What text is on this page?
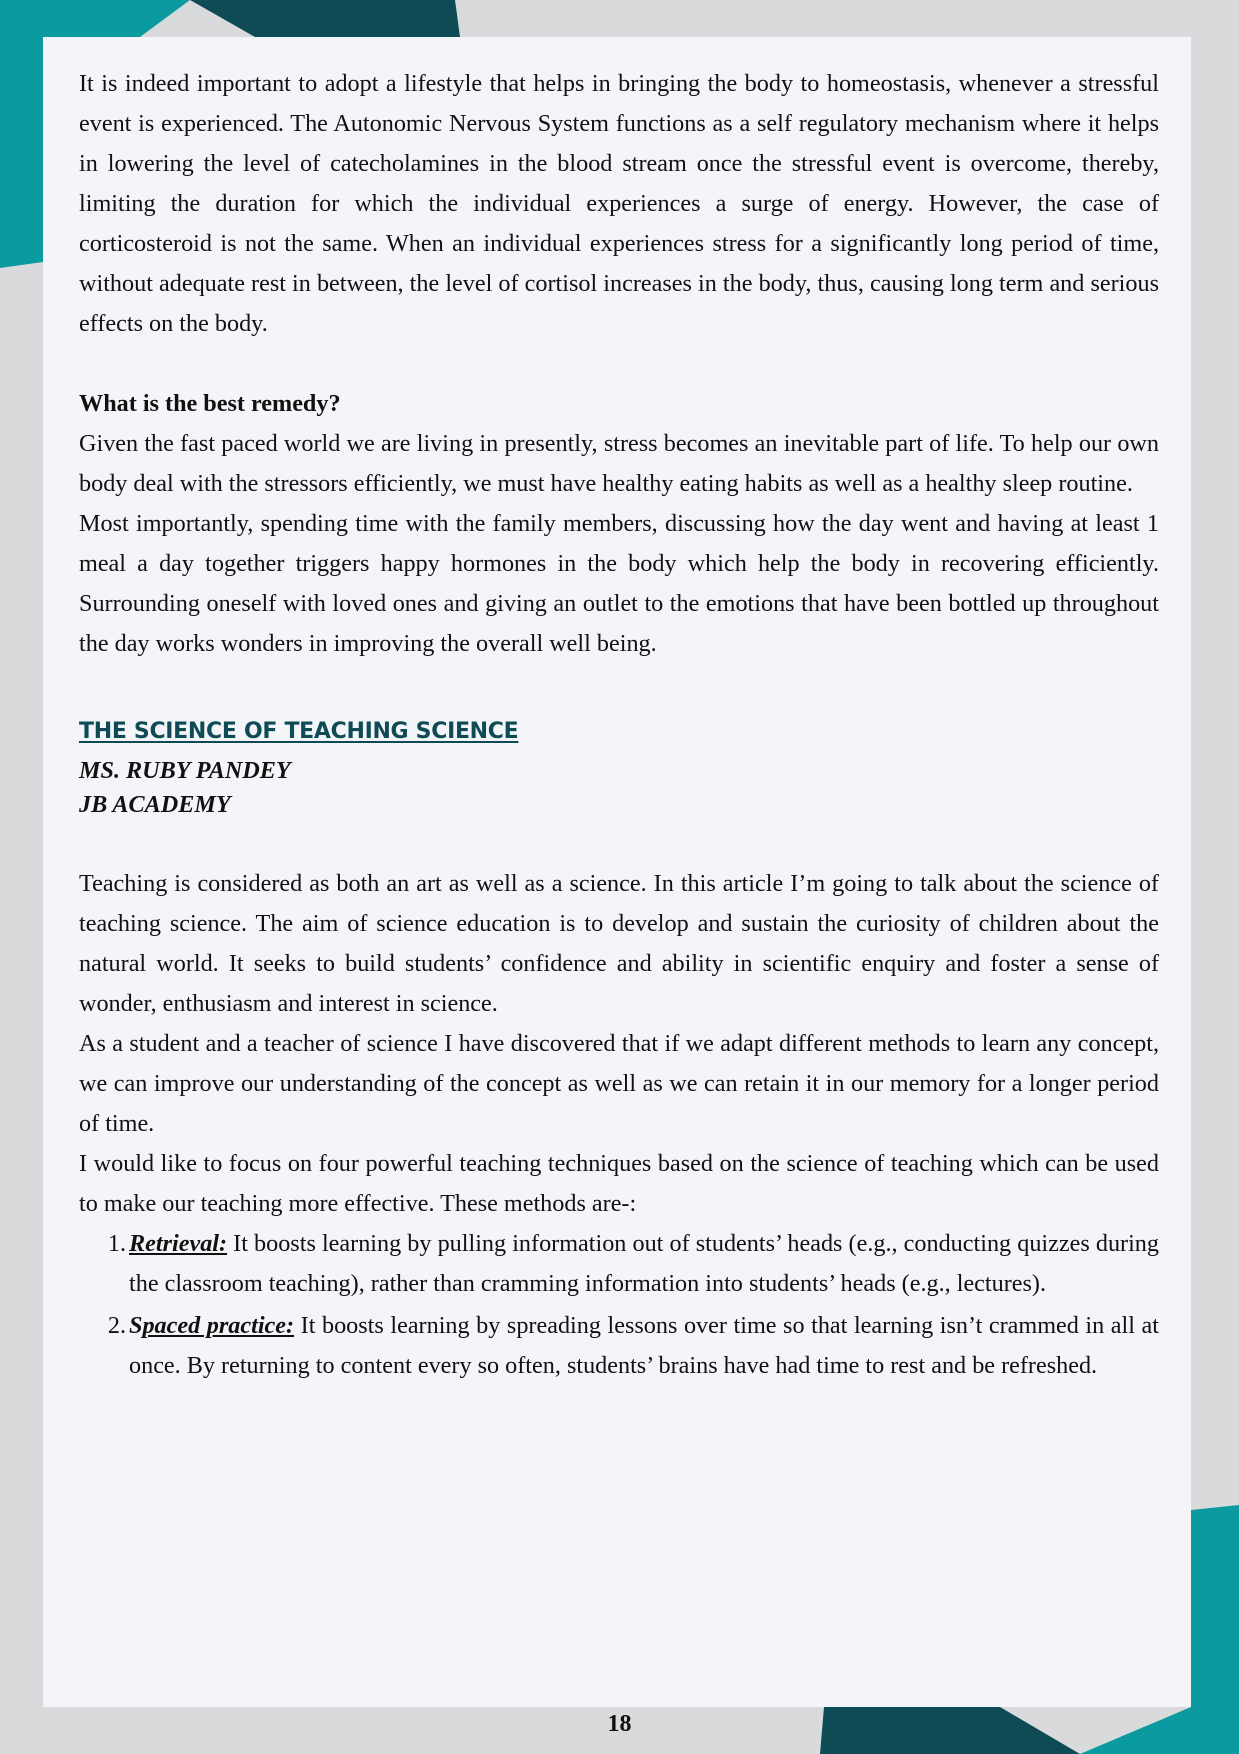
It is indeed important to adopt a lifestyle that helps in bringing the body to homeostasis, whenever a stressful event is experienced. The Autonomic Nervous System functions as a self regulatory mechanism where it helps in lowering the level of catecholamines in the blood stream once the stressful event is overcome, thereby, limiting the duration for which the individual experiences a surge of energy. However, the case of corticosteroid is not the same. When an individual experiences stress for a significantly long period of time, without adequate rest in between, the level of cortisol increases in the body, thus, causing long term and serious effects on the body.

What is the best remedy?

Given the fast paced world we are living in presently, stress becomes an inevitable part of life. To help our own body deal with the stressors efficiently, we must have healthy eating habits as well as a healthy sleep routine.

Most importantly, spending time with the family members, discussing how the day went and having at least 1 meal a day together triggers happy hormones in the body which help the body in recovering efficiently. Surrounding oneself with loved ones and giving an outlet to the emotions that have been bottled up throughout the day works wonders in improving the overall well being.

THE SCIENCE OF TEACHING SCIENCE

MS. RUBY PANDEY

JB ACADEMY

Teaching is considered as both an art as well as a science. In this article I’m going to talk about the science of teaching science. The aim of science education is to develop and sustain the curiosity of children about the natural world. It seeks to build students’ confidence and ability in scientific enquiry and foster a sense of wonder, enthusiasm and interest in science.

As a student and a teacher of science I have discovered that if we adapt different methods to learn any concept, we can improve our understanding of the concept as well as we can retain it in our memory for a longer period of time.

I would like to focus on four powerful teaching techniques based on the science of teaching which can be used to make our teaching more effective. These methods are-:

1. Retrieval: It boosts learning by pulling information out of students’ heads (e.g., conducting quizzes during the classroom teaching), rather than cramming information into students’ heads (e.g., lectures).
2. Spaced practice: It boosts learning by spreading lessons over time so that learning isn’t crammed in all at once. By returning to content every so often, students’ brains have had time to rest and be refreshed.
18
